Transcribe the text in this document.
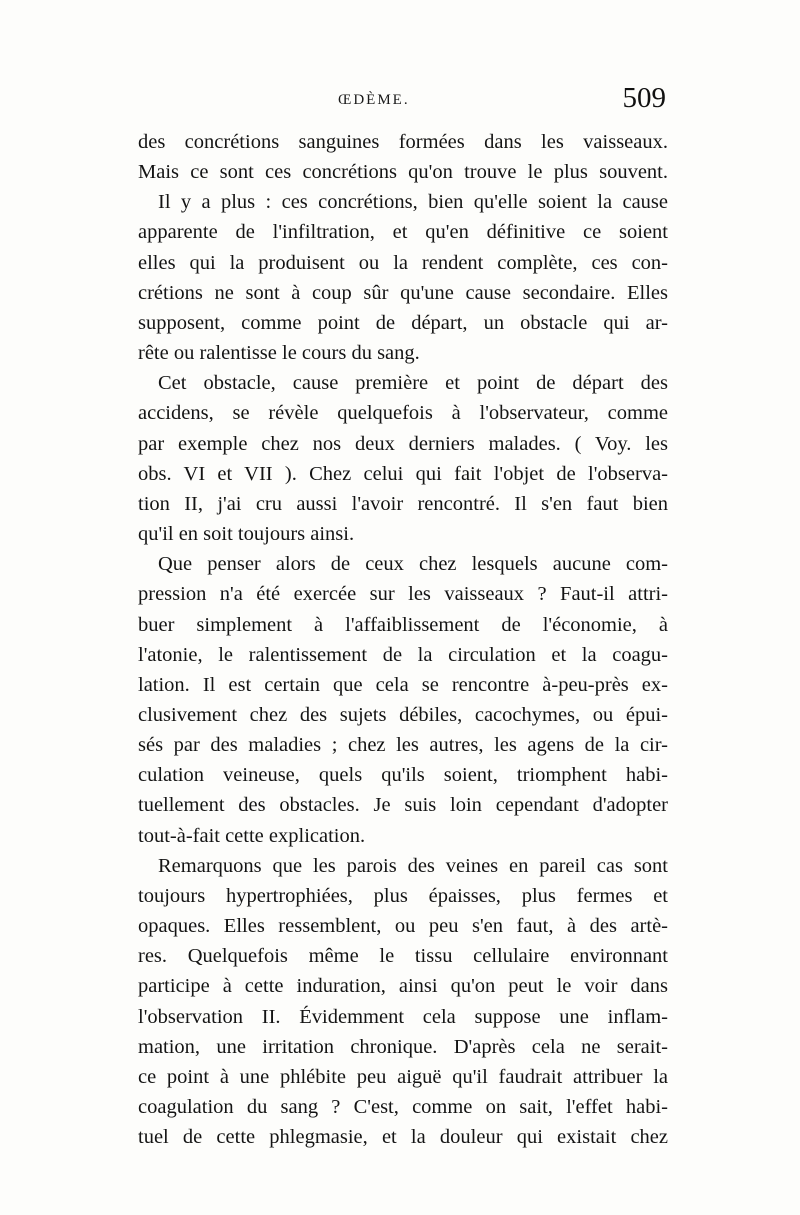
ŒDÈME.	509
des concrétions sanguines formées dans les vaisseaux.
Mais ce sont ces concrétions qu'on trouve le plus souvent.
Il y a plus : ces concrétions, bien qu'elle soient la cause
apparente de l'infiltration, et qu'en définitive ce soient
elles qui la produisent ou la rendent complète, ces con-
crétions ne sont à coup sûr qu'une cause secondaire. Elles
supposent, comme point de départ, un obstacle qui ar-
rête ou ralentisse le cours du sang.
Cet obstacle, cause première et point de départ des
accidens, se révèle quelquefois à l'observateur, comme
par exemple chez nos deux derniers malades. ( Voy. les
obs. VI et VII ). Chez celui qui fait l'objet de l'observa-
tion II, j'ai cru aussi l'avoir rencontré. Il s'en faut bien
qu'il en soit toujours ainsi.
Que penser alors de ceux chez lesquels aucune com-
pression n'a été exercée sur les vaisseaux ? Faut-il attri-
buer simplement à l'affaiblissement de l'économie, à
l'atonie, le ralentissement de la circulation et la coagu-
lation. Il est certain que cela se rencontre à-peu-près ex-
clusivement chez des sujets débiles, cacochymes, ou épui-
sés par des maladies ; chez les autres, les agens de la cir-
culation veineuse, quels qu'ils soient, triomphent habi-
tuellement des obstacles. Je suis loin cependant d'adopter
tout-à-fait cette explication.
Remarquons que les parois des veines en pareil cas sont
toujours hypertrophiées, plus épaisses, plus fermes et
opaques. Elles ressemblent, ou peu s'en faut, à des artè-
res. Quelquefois même le tissu cellulaire environnant
participe à cette induration, ainsi qu'on peut le voir dans
l'observation II. Évidemment cela suppose une inflam-
mation, une irritation chronique. D'après cela ne serait-
ce point à une phlébite peu aiguë qu'il faudrait attribuer la
coagulation du sang ? C'est, comme on sait, l'effet habi-
tuel de cette phlegmasie, et la douleur qui existait chez
